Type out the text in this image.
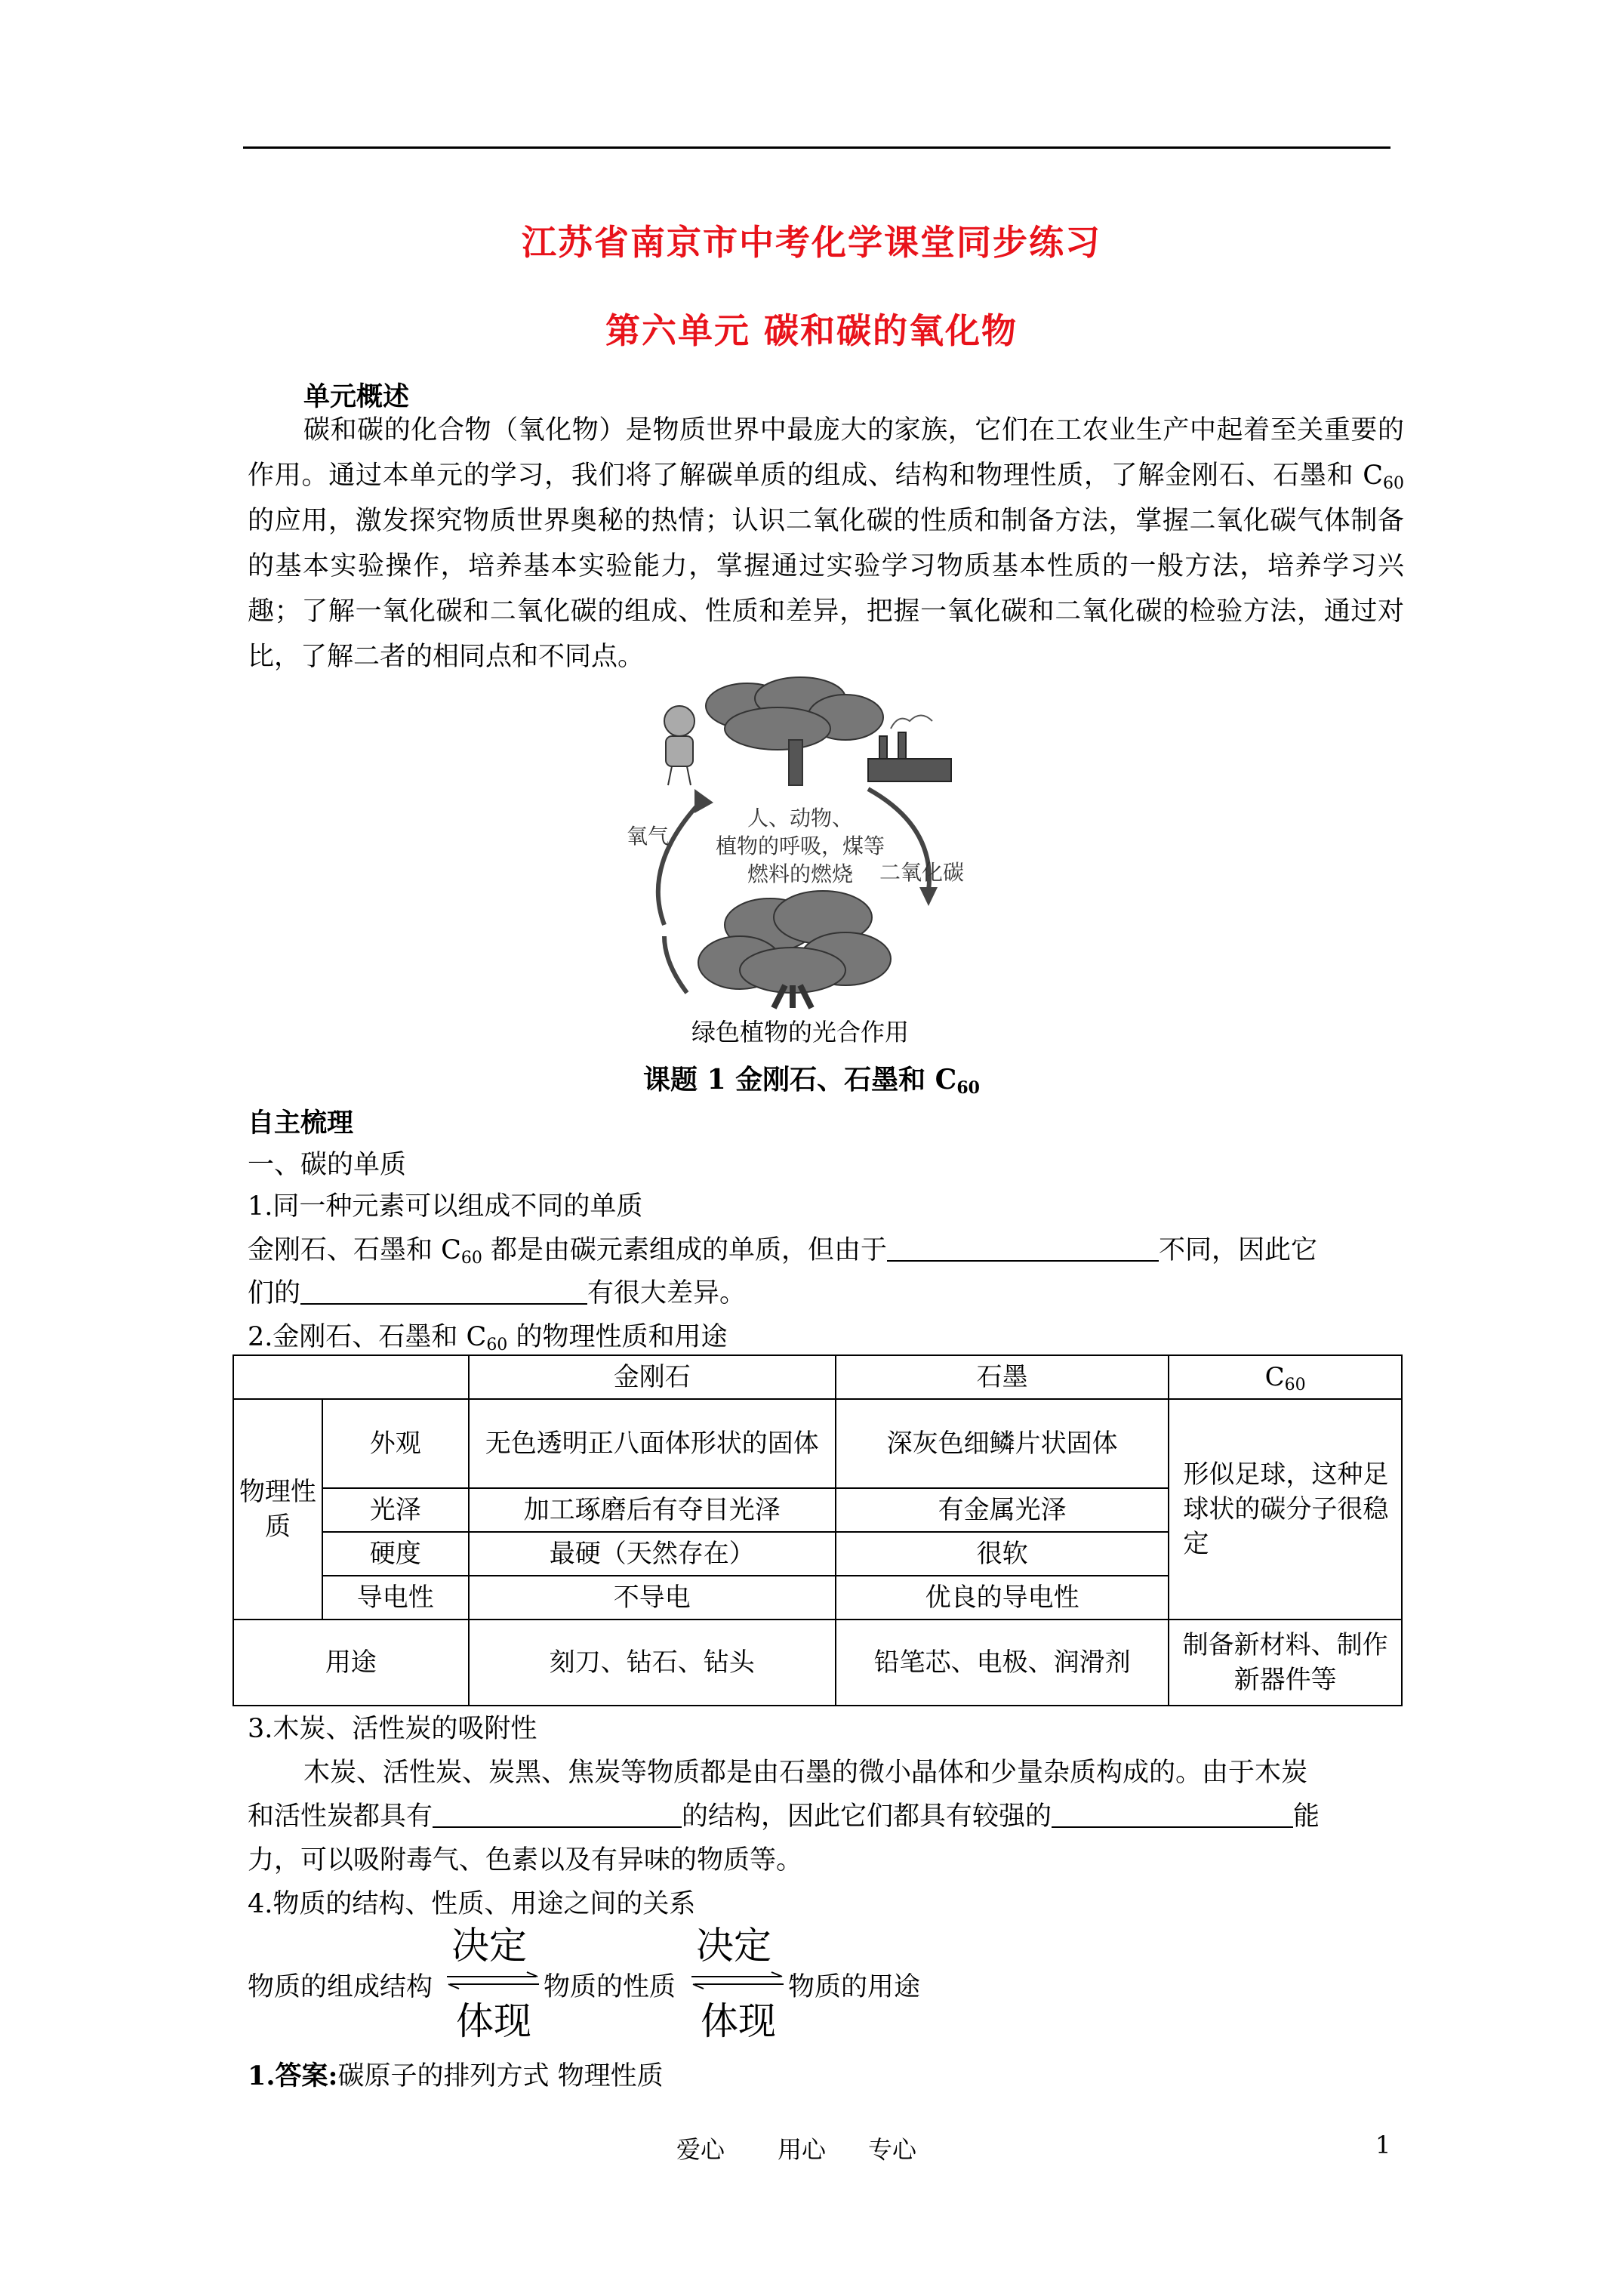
江苏省南京市中考化学课堂同步练习
第六单元 碳和碳的氧化物
单元概述
碳和碳的化合物（氧化物）是物质世界中最庞大的家族，它们在工农业生产中起着至关重要的作用。通过本单元的学习，我们将了解碳单质的组成、结构和物理性质，了解金刚石、石墨和 $C_{60}$ 的应用，激发探究物质世界奥秘的热情；认识二氧化碳的性质和制备方法，掌握二氧化碳气体制备的基本实验操作，培养基本实验能力，掌握通过实验学习物质基本性质的一般方法，培养学习兴趣；了解一氧化碳和二氧化碳的组成、性质和差异，把握一氧化碳和二氧化碳的检验方法，通过对比，了解二者的相同点和不同点。
人、动物、
植物的呼吸，煤等
燃料的燃烧
氧气
二氧化碳
绿色植物的光合作用
课题 1 金刚石、石墨和 $C_{60}$
自主梳理
一、碳的单质
1.同一种元素可以组成不同的单质
金刚石、石墨和 $C_{60}$ 都是由碳元素组成的单质，但由于	不同，因此它
们的	有很大差异。
2.金刚石、石墨和 $C_{60}$ 的物理性质和用途
		金刚石	石墨	$C_{60}$
物理性质	外观	无色透明正八面体形状的固体	深灰色细鳞片状固体	形似足球，这种足球状的碳分子很稳定
	光泽	加工琢磨后有夺目光泽	有金属光泽	
	硬度	最硬（天然存在）	很软	
	导电性	不导电	优良的导电性	
用途		刻刀、钻石、钻头	铅笔芯、电极、润滑剂	制备新材料、制作新器件等
3.木炭、活性炭的吸附性
木炭、活性炭、炭黑、焦炭等物质都是由石墨的微小晶体和少量杂质构成的。由于木炭
和活性炭都具有	的结构，因此它们都具有较强的	能
力，可以吸附毒气、色素以及有异味的物质等。
4.物质的结构、性质、用途之间的关系
物质的组成结构
决定
体现
物质的性质
决定
体现
物质的用途
1.答案:碳原子的排列方式 物理性质
爱心 用心 专心	1
